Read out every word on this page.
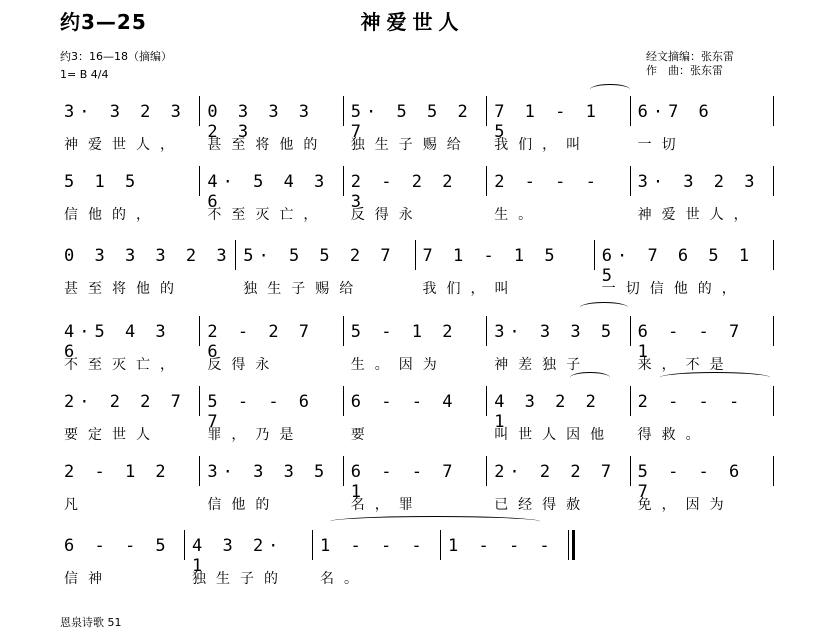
约3—25	神爱世人
约3：16—18（摘编）
1= B 4/4
经文摘编：张东雷
作　曲：张东雷
3· 3 2 3
神爱世人，
0 3 3 3 2 3
甚至将他的
5· 5 5 2 7
独生子赐给
7 1 - 1 5
我们，叫
6·7 6
一切
5 1 5
信他的，
4· 5 4 3 6
不至灭亡，
2 - 2 2 3
反得永
2 - - -
生。
3· 3 2 3
神爱世人，
0 3 3 3 2 3
甚至将他的
5· 5 5 2 7
独生子赐给
7 1 - 1 5
我们，叫
6· 7 6 5 1 5
一切信他的，
4·5 4 3 6
不至灭亡，
2 - 2 7 6
反得永
5 - 1 2
生。因为
3· 3 3 5
神差独子
6 - - 7 1
来，不是
2· 2 2 7
要定世人
5 - - 6 7
罪，乃是
6 - - 4
要
4 3 2 2 1
叫世人因他
2 - - -
得救。
2 - 1 2
凡
3· 3 3 5
信他的
6 - - 7 1
名，罪
2· 2 2 7
已经得赦
5 - - 6 7
免，因为
6 - - 5
信神
4 3 2· 1
独生子的
1 - - -
名。
1 - - -
恩泉诗歌 51
